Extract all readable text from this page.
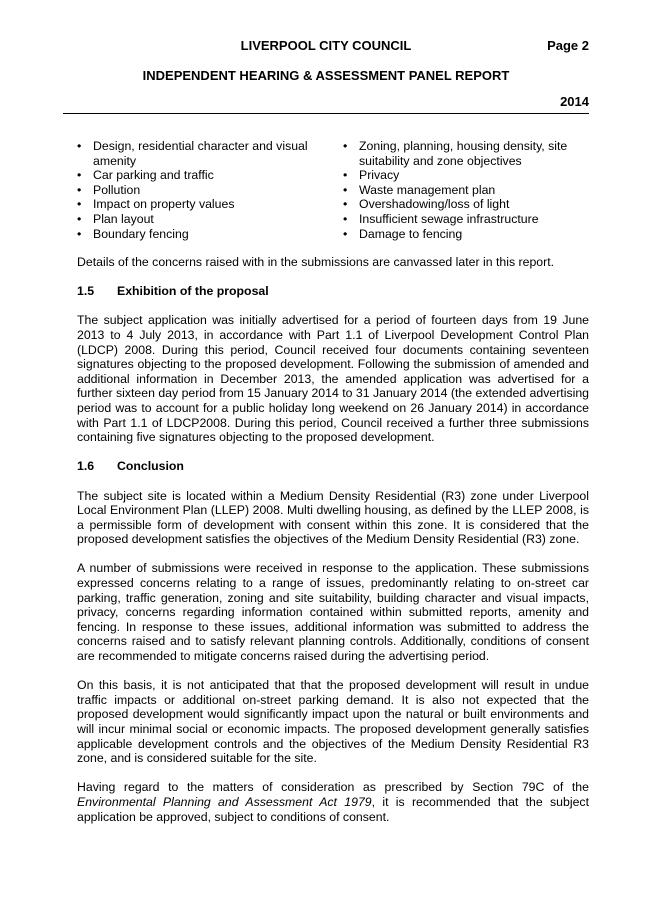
LIVERPOOL CITY COUNCIL	Page 2
INDEPENDENT HEARING & ASSESSMENT PANEL REPORT
2014
• Design, residential character and visual amenity
• Car parking and traffic
• Pollution
• Impact on property values
• Plan layout
• Boundary fencing
• Zoning, planning, housing density, site suitability and zone objectives
• Privacy
• Waste management plan
• Overshadowing/loss of light
• Insufficient sewage infrastructure
• Damage to fencing

Details of the concerns raised with in the submissions are canvassed later in this report.

1.5 Exhibition of the proposal

The subject application was initially advertised for a period of fourteen days from 19 June 2013 to 4 July 2013, in accordance with Part 1.1 of Liverpool Development Control Plan (LDCP) 2008. During this period, Council received four documents containing seventeen signatures objecting to the proposed development. Following the submission of amended and additional information in December 2013, the amended application was advertised for a further sixteen day period from 15 January 2014 to 31 January 2014 (the extended advertising period was to account for a public holiday long weekend on 26 January 2014) in accordance with Part 1.1 of LDCP2008. During this period, Council received a further three submissions containing five signatures objecting to the proposed development.

1.6 Conclusion

The subject site is located within a Medium Density Residential (R3) zone under Liverpool Local Environment Plan (LLEP) 2008. Multi dwelling housing, as defined by the LLEP 2008, is a permissible form of development with consent within this zone. It is considered that the proposed development satisfies the objectives of the Medium Density Residential (R3) zone.

A number of submissions were received in response to the application. These submissions expressed concerns relating to a range of issues, predominantly relating to on-street car parking, traffic generation, zoning and site suitability, building character and visual impacts, privacy, concerns regarding information contained within submitted reports, amenity and fencing. In response to these issues, additional information was submitted to address the concerns raised and to satisfy relevant planning controls. Additionally, conditions of consent are recommended to mitigate concerns raised during the advertising period.

On this basis, it is not anticipated that that the proposed development will result in undue traffic impacts or additional on-street parking demand. It is also not expected that the proposed development would significantly impact upon the natural or built environments and will incur minimal social or economic impacts. The proposed development generally satisfies applicable development controls and the objectives of the Medium Density Residential R3 zone, and is considered suitable for the site.

Having regard to the matters of consideration as prescribed by Section 79C of the Environmental Planning and Assessment Act 1979, it is recommended that the subject application be approved, subject to conditions of consent.
